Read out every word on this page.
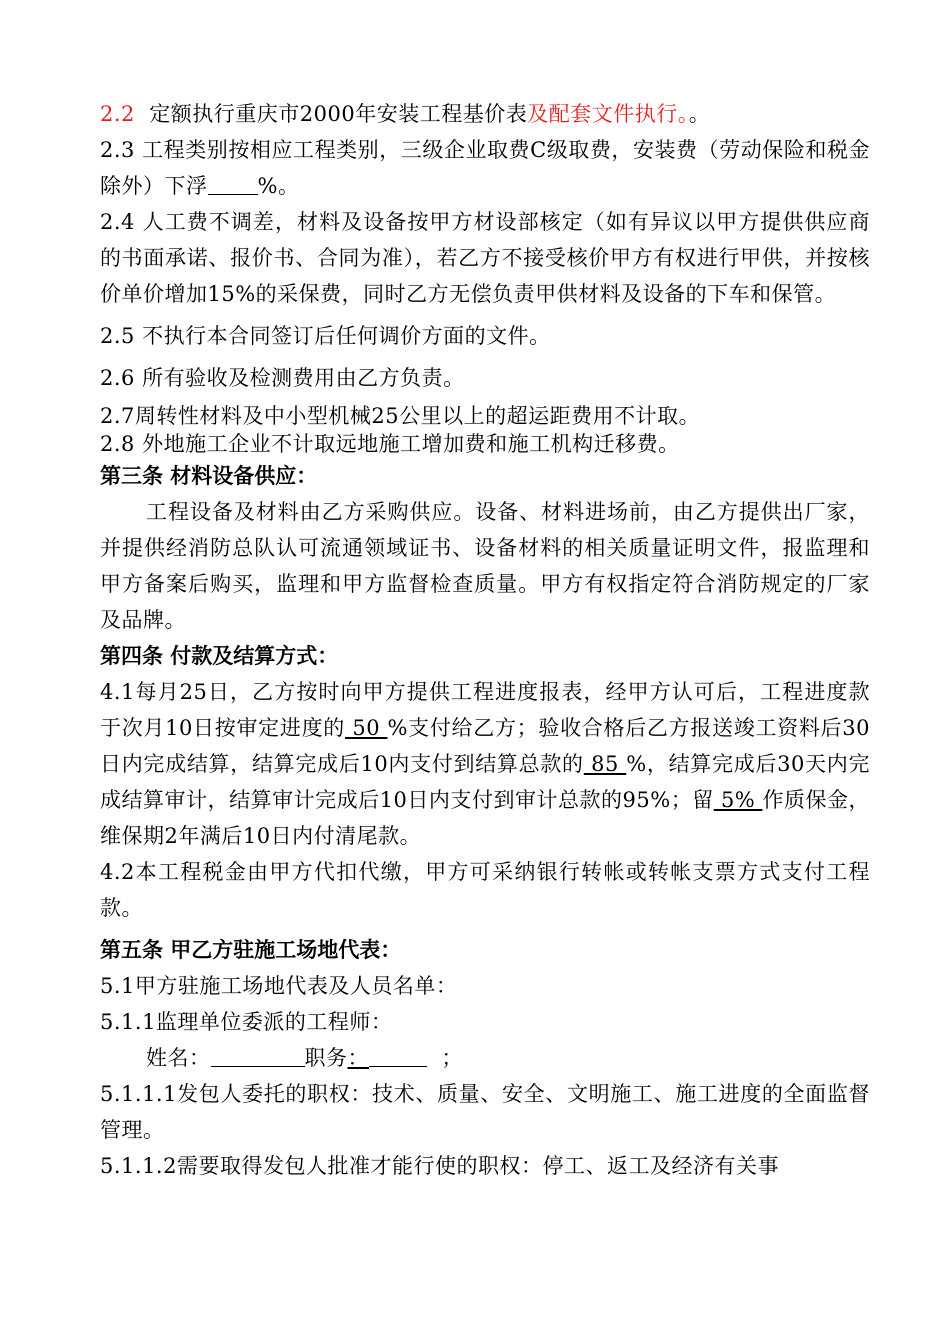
2.2 定额执行重庆市2000年安装工程基价表及配套文件执行。。

2.3 工程类别按相应工程类别，三级企业取费C级取费，安装费（劳动保险和税金除外）下浮 %。

2.4 人工费不调差，材料及设备按甲方材设部核定（如有异议以甲方提供供应商的书面承诺、报价书、合同为准），若乙方不接受核价甲方有权进行甲供，并按核价单价增加15%的采保费，同时乙方无偿负责甲供材料及设备的下车和保管。

2.5 不执行本合同签订后任何调价方面的文件。

2.6 所有验收及检测费用由乙方负责。

2.7周转性材料及中小型机械25公里以上的超运距费用不计取。

2.8 外地施工企业不计取远地施工增加费和施工机构迁移费。

第三条 材料设备供应：

工程设备及材料由乙方采购供应。设备、材料进场前，由乙方提供出厂家，并提供经消防总队认可流通领域证书、设备材料的相关质量证明文件，报监理和甲方备案后购买，监理和甲方监督检查质量。甲方有权指定符合消防规定的厂家及品牌。

第四条 付款及结算方式：

4.1每月25日，乙方按时向甲方提供工程进度报表，经甲方认可后，工程进度款于次月10日按审定进度的 50 %支付给乙方；验收合格后乙方报送竣工资料后30日内完成结算，结算完成后10内支付到结算总款的 85 %，结算完成后30天内完成结算审计，结算审计完成后10日内支付到审计总款的95%；留 5% 作质保金，维保期2年满后10日内付清尾款。

4.2本工程税金由甲方代扣代缴，甲方可采纳银行转帐或转帐支票方式支付工程款。

第五条 甲乙方驻施工场地代表：

5.1甲方驻施工场地代表及人员名单：

5.1.1监理单位委派的工程师：

姓名：	职务：	；

5.1.1.1发包人委托的职权：技术、质量、安全、文明施工、施工进度的全面监督管理。

5.1.1.2需要取得发包人批准才能行使的职权：停工、返工及经济有关事
